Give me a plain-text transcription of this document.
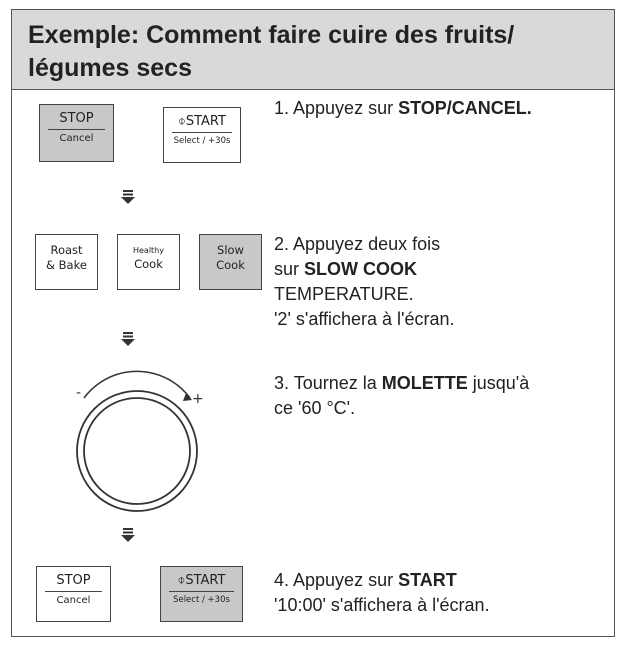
Exemple: Comment faire cuire des fruits/ légumes secs
STOP
Cancel
⌽START
Select / +30s
Roast
& Bake
Healthy
Cook
Slow
Cook
-	+
STOP
Cancel
⌽START
Select / +30s
1. Appuyez sur STOP/CANCEL.
2. Appuyez deux fois
sur SLOW COOK
TEMPERATURE.
'2' s'affichera à l'écran.
3. Tournez la MOLETTE jusqu'à
ce '60 °C'.
4. Appuyez sur START
'10:00' s'affichera à l'écran.
